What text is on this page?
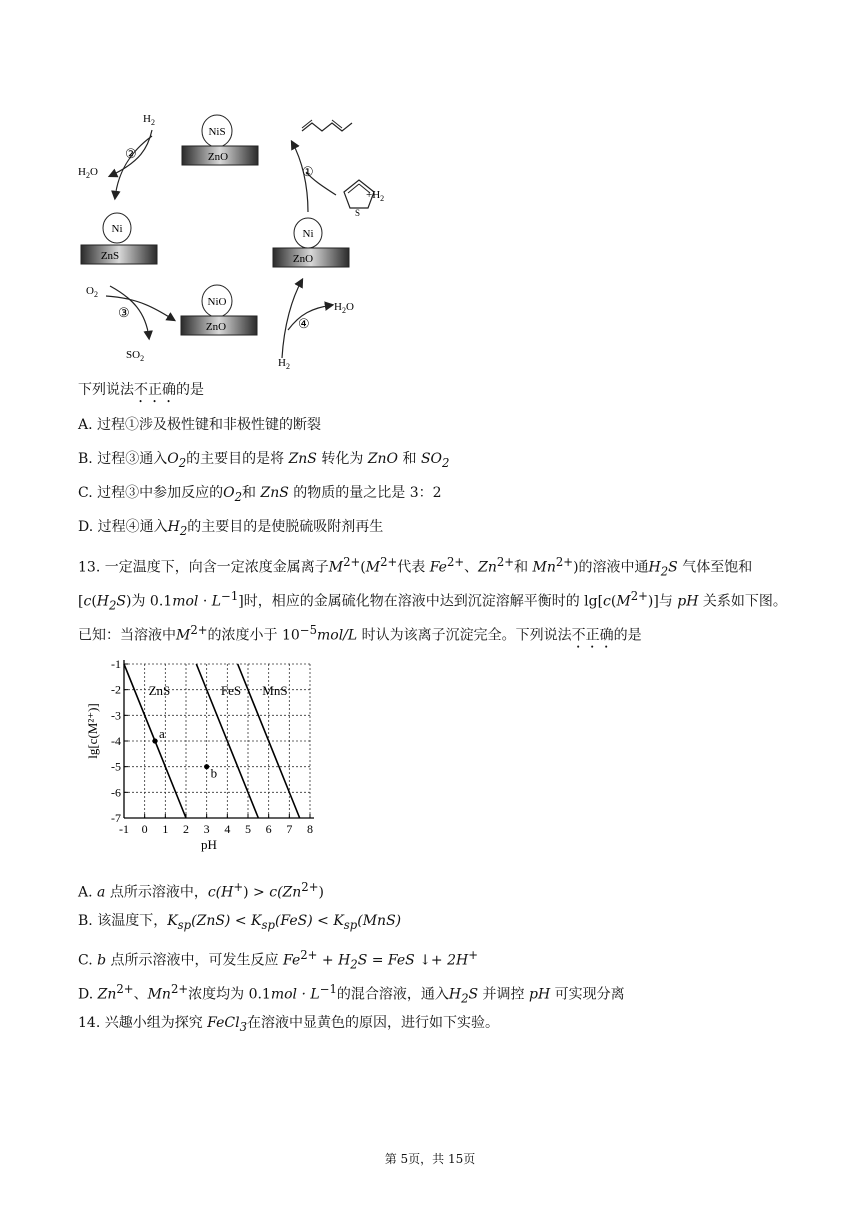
NiS
ZnO
Ni
ZnS
Ni
ZnO
NiO
ZnO
$H_2$
$H_2O$
②
①
S
$+H_2$
$O_2$
$SO_2$
③	$H_2O$
$H_2$
④
下列说法不正确的是
A. 过程①涉及极性键和非极性键的断裂
B. 过程③通入$O_2$的主要目的是将 ZnS 转化为 ZnO 和 $SO_2$
C. 过程③中参加反应的$O_2$和 ZnS 的物质的量之比是 3：2
D. 过程④通入$H_2$的主要目的是使脱硫吸附剂再生
13. 一定温度下，向含一定浓度金属离子$M^{2+}(M^{2+}$代表 $Fe^{2+}$、$Zn^{2+}$和 $Mn^{2+}$)的溶液中通$H_2S$ 气体至饱和
[$c(H_2S)$为 $0.1mol \cdot L^{-1}$]时，相应的金属硫化物在溶液中达到沉淀溶解平衡时的 $\lg[c(M^{2+})]$与 pH 关系如下图。
已知：当溶液中$M^{2+}$的浓度小于 $10^{-5}mol/L$ 时认为该离子沉淀完全。下列说法不正确的是
-1 0 1 2 3 4 5 6 7 8
-1
-2
-3
-4
-5
-6
-7
ZnS	FeS MnS
a
b
pH
lg[c(M²⁺)]
A. a 点所示溶液中，$c(H^+) > c(Zn^{2+})$
B. 该温度下，$K_{sp}(ZnS) < K_{sp}(FeS) < K_{sp}(MnS)$
C. b 点所示溶液中，可发生反应 $Fe^{2+} + H_2S$ = FeS ↓+ 2H+
D. $Zn^{2+}$、$Mn^{2+}$浓度均为 $0.1mol \cdot L^{-1}$的混合溶液，通入$H_2S$ 并调控 pH 可实现分离
14. 兴趣小组为探究 FeCl$_3$在溶液中显黄色的原因，进行如下实验。
第 5页，共 15页
